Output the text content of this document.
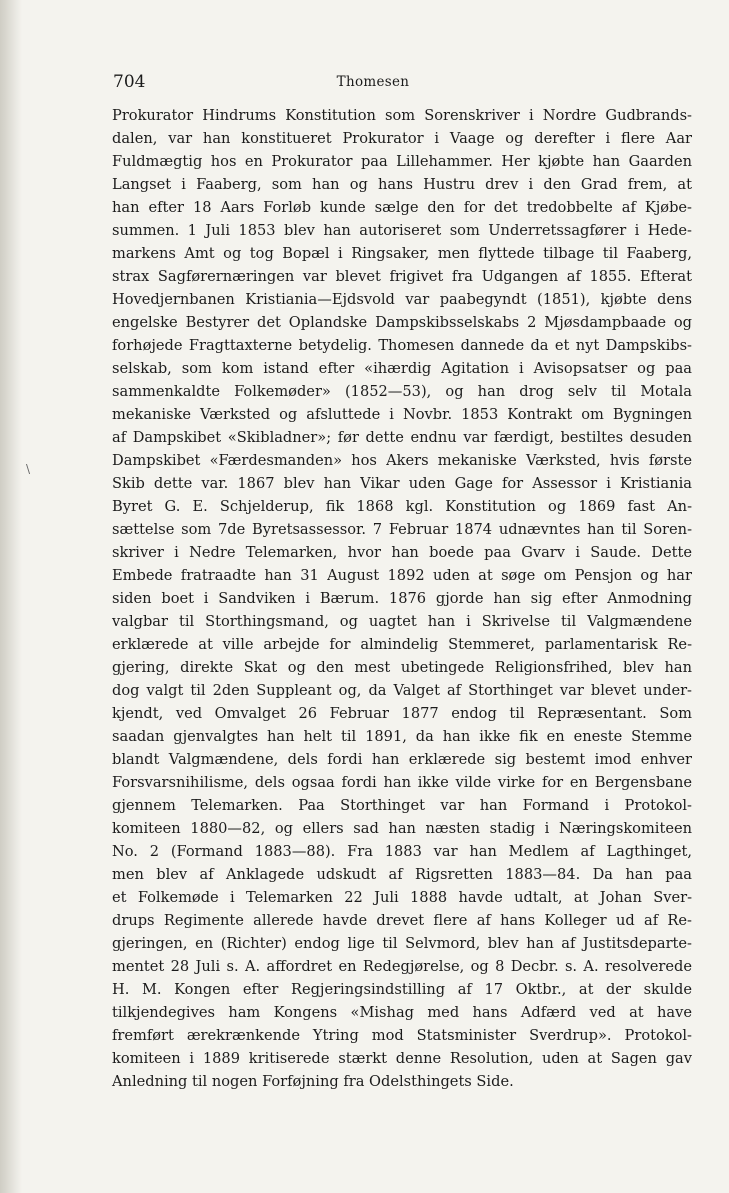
704	Thomesen
\
Prokurator Hindrums Konstitution som Sorenskriver i Nordre Gudbrands-
dalen, var han konstitueret Prokurator i Vaage og derefter i flere Aar
Fuldmægtig hos en Prokurator paa Lillehammer. Her kjøbte han Gaarden
Langset i Faaberg, som han og hans Hustru drev i den Grad frem, at
han efter 18 Aars Forløb kunde sælge den for det tredobbelte af Kjøbe-
summen. 1 Juli 1853 blev han autoriseret som Underretssagfører i Hede-
markens Amt og tog Bopæl i Ringsaker, men flyttede tilbage til Faaberg,
strax Sagførernæringen var blevet frigivet fra Udgangen af 1855. Efterat
Hovedjernbanen Kristiania—Ejdsvold var paabegyndt (1851), kjøbte dens
engelske Bestyrer det Oplandske Dampskibsselskabs 2 Mjøsdampbaade og
forhøjede Fragttaxterne betydelig. Thomesen dannede da et nyt Dampskibs-
selskab, som kom istand efter «ihærdig Agitation i Avisopsatser og paa
sammenkaldte Folkemøder» (1852—53), og han drog selv til Motala
mekaniske Værksted og afsluttede i Novbr. 1853 Kontrakt om Bygningen
af Dampskibet «Skibladner»; før dette endnu var færdigt, bestiltes desuden
Dampskibet «Færdesmanden» hos Akers mekaniske Værksted, hvis første
Skib dette var. 1867 blev han Vikar uden Gage for Assessor i Kristiania
Byret G. E. Schjelderup, fik 1868 kgl. Konstitution og 1869 fast An-
sættelse som 7de Byretsassessor. 7 Februar 1874 udnævntes han til Soren-
skriver i Nedre Telemarken, hvor han boede paa Gvarv i Saude. Dette
Embede fratraadte han 31 August 1892 uden at søge om Pensjon og har
siden boet i Sandviken i Bærum. 1876 gjorde han sig efter Anmodning
valgbar til Storthingsmand, og uagtet han i Skrivelse til Valgmændene
erklærede at ville arbejde for almindelig Stemmeret, parlamentarisk Re-
gjering, direkte Skat og den mest ubetingede Religionsfrihed, blev han
dog valgt til 2den Suppleant og, da Valget af Storthinget var blevet under-
kjendt, ved Omvalget 26 Februar 1877 endog til Repræsentant. Som
saadan gjenvalgtes han helt til 1891, da han ikke fik en eneste Stemme
blandt Valgmændene, dels fordi han erklærede sig bestemt imod enhver
Forsvarsnihilisme, dels ogsaa fordi han ikke vilde virke for en Bergensbane
gjennem Telemarken. Paa Storthinget var han Formand i Protokol-
komiteen 1880—82, og ellers sad han næsten stadig i Næringskomiteen
No. 2 (Formand 1883—88). Fra 1883 var han Medlem af Lagthinget,
men blev af Anklagede udskudt af Rigsretten 1883—84. Da han paa
et Folkemøde i Telemarken 22 Juli 1888 havde udtalt, at Johan Sver-
drups Regimente allerede havde drevet flere af hans Kolleger ud af Re-
gjeringen, en (Richter) endog lige til Selvmord, blev han af Justitsdeparte-
mentet 28 Juli s. A. affordret en Redegjørelse, og 8 Decbr. s. A. resolverede
H. M. Kongen efter Regjeringsindstilling af 17 Oktbr., at der skulde
tilkjendegives ham Kongens «Mishag med hans Adfærd ved at have
fremført ærekrænkende Ytring mod Statsminister Sverdrup». Protokol-
komiteen i 1889 kritiserede stærkt denne Resolution, uden at Sagen gav
Anledning til nogen Forføjning fra Odelsthingets Side.
